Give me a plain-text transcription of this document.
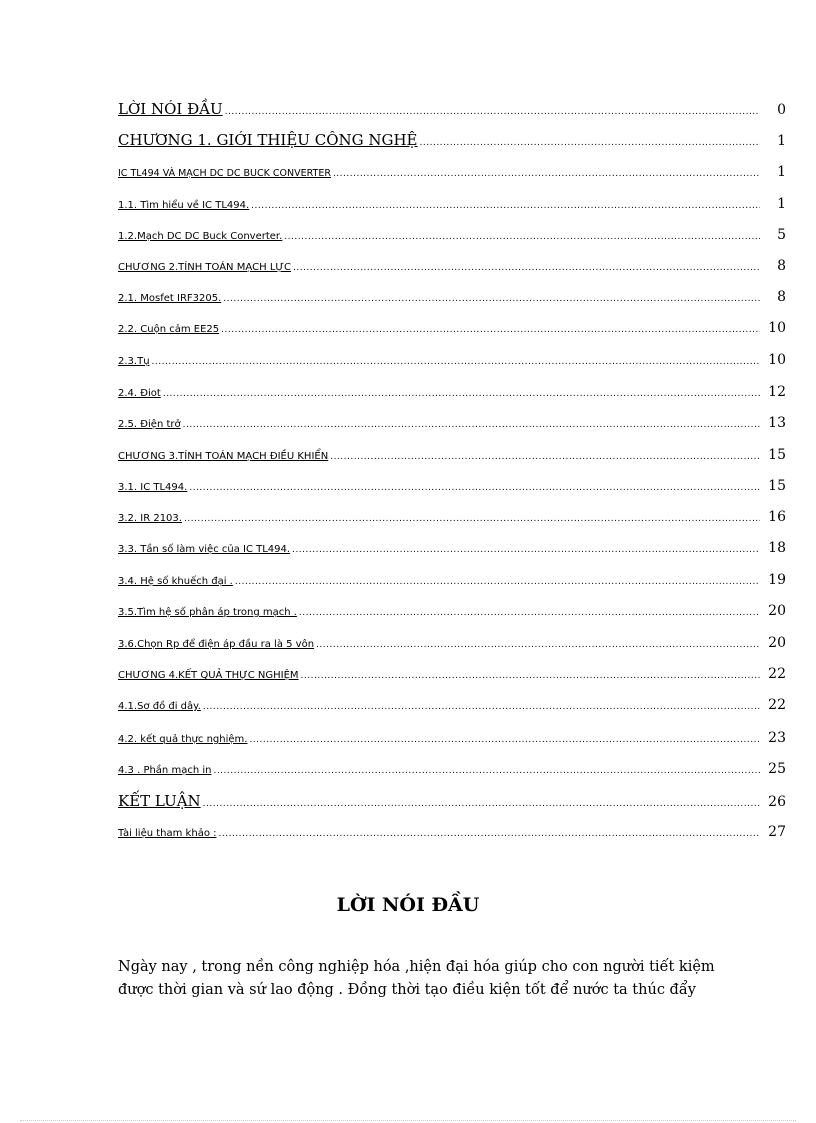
LỜI NÓI ĐẦU .....	0
CHƯƠNG 1. GIỚI THIỆU CÔNG NGHỆ .....	1
IC TL494 VÀ MẠCH DC DC BUCK CONVERTER .....	1
1.1. Tìm hiểu về IC TL494. .....	1
1.2.Mạch DC DC Buck Converter. .....	5
CHƯƠNG 2.TÍNH TOÁN MẠCH LỰC .....	8
2.1. Mosfet IRF3205. .....	8
2.2. Cuộn cảm EE25 .....	10
2.3.Tụ .....	10
2.4. Điot .....	12
2.5. Điện trở .....	13
CHƯƠNG 3.TÍNH TOÁN MẠCH ĐIỀU KHIỂN .....	15
3.1. IC TL494. .....	15
3.2. IR 2103. .....	16
3.3. Tần số làm việc của IC TL494. .....	18
3.4. Hệ số khuếch đại . .....	19
3.5.Tìm hệ số phân áp trong mạch . .....	20
3.6.Chọn Rp để điện áp đầu ra là 5 vôn .....	20
CHƯƠNG 4.KẾT QUẢ THỰC NGHIỆM .....	22
4.1.Sơ đồ đi dây. .....	22
4.2. kết quả thực nghiệm. .....	23
4.3 . Phần mạch in .....	25
KẾT LUẬN .....	26
Tài liệu tham khảo : .....	27
LỜI NÓI ĐẦU

Ngày nay , trong nền công nghiệp hóa ,hiện đại hóa giúp cho con người tiết kiệm

được thời gian và sứ lao động . Đồng thời tạo điều kiện tốt để nước ta thúc đẩy
